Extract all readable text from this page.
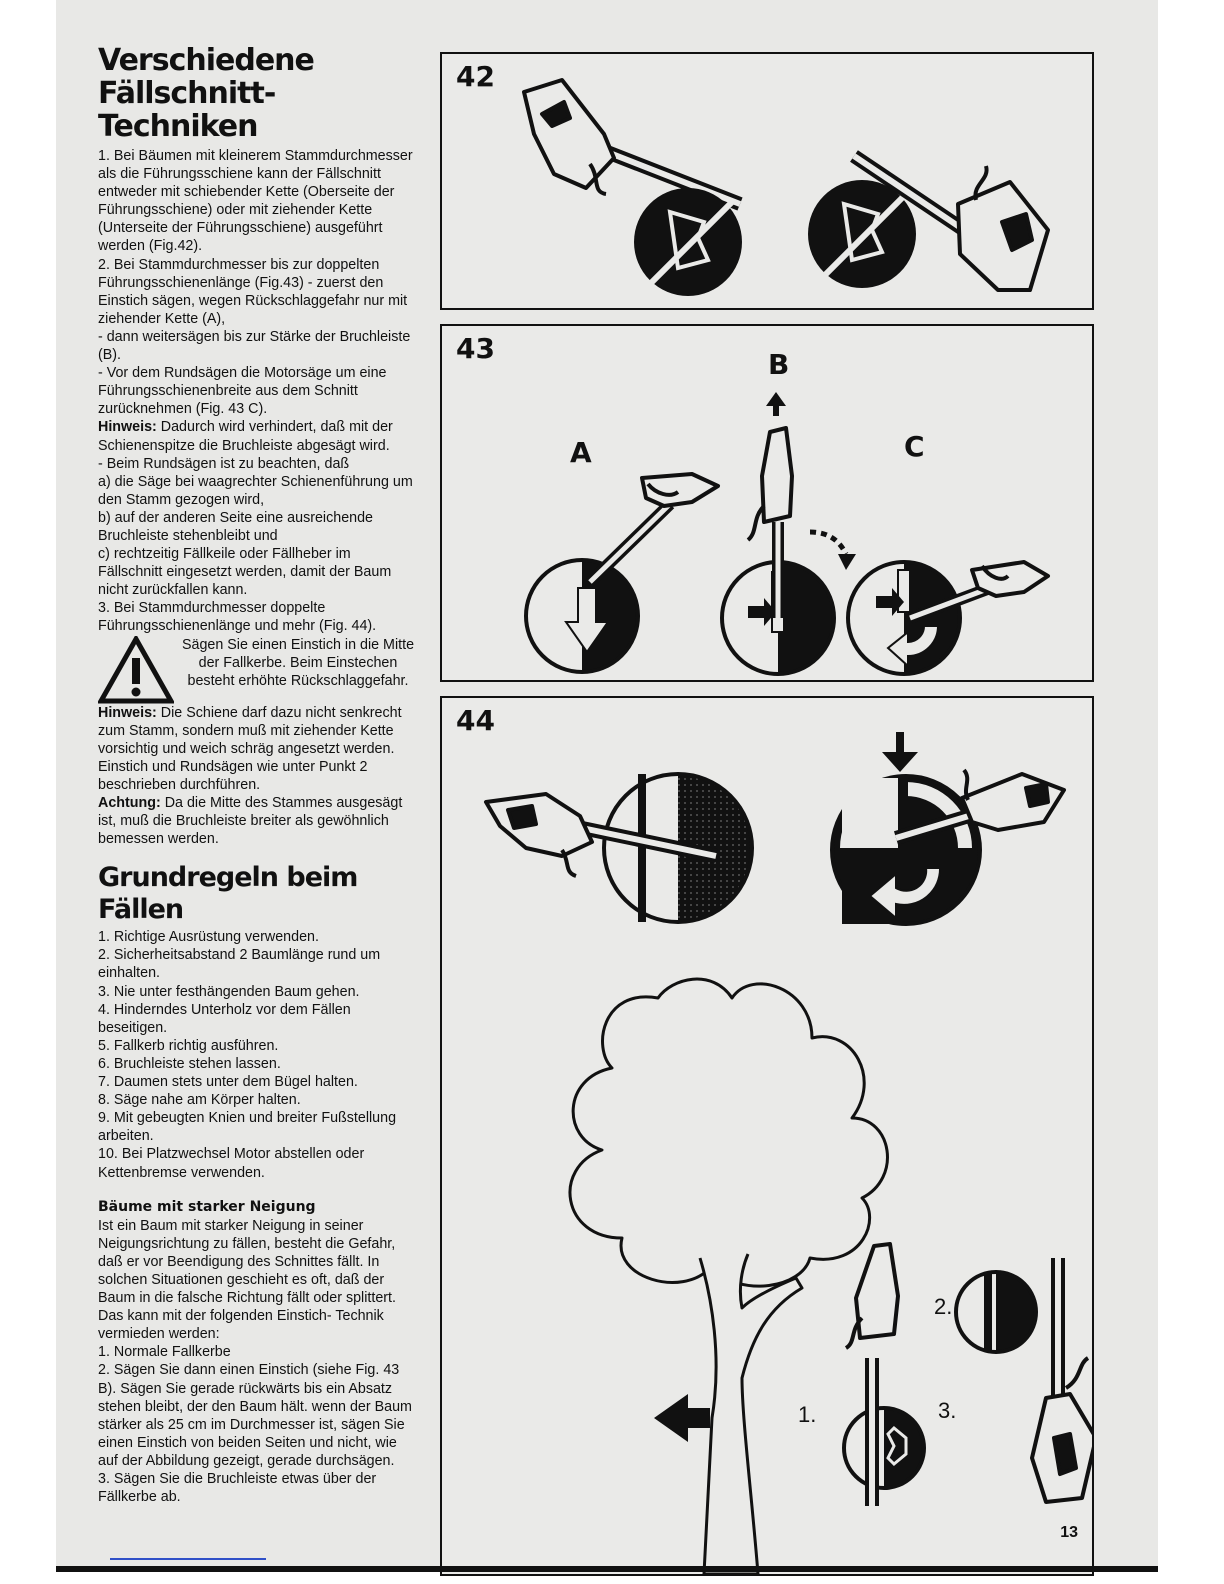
Verschiedene Fällschnitt-Techniken

1. Bei Bäumen mit kleinerem Stammdurchmesser als die Führungsschiene kann der Fällschnitt entweder mit schiebender Kette (Oberseite der Führungsschiene) oder mit ziehender Kette (Unterseite der Führungsschiene) ausgeführt werden (Fig.42).

2. Bei Stammdurchmesser bis zur doppelten Führungsschienenlänge (Fig.43) - zuerst den Einstich sägen, wegen Rückschlaggefahr nur mit ziehender Kette (A),

- dann weitersägen bis zur Stärke der Bruchleiste (B).

- Vor dem Rundsägen die Motorsäge um eine Führungsschienenbreite aus dem Schnitt zurücknehmen (Fig. 43 C).

Hinweis: Dadurch wird verhindert, daß mit der Schienenspitze die Bruchleiste abgesägt wird.

- Beim Rundsägen ist zu beachten, daß

a) die Säge bei waagrechter Schienenführung um den Stamm gezogen wird,

b) auf der anderen Seite eine ausreichende Bruchleiste stehenbleibt und

c) rechtzeitig Fällkeile oder Fällheber im Fällschnitt eingesetzt werden, damit der Baum nicht zurückfallen kann.

3. Bei Stammdurchmesser doppelte Führungsschienenlänge und mehr (Fig. 44).

Sägen Sie einen Einstich in die Mitte der Fallkerbe. Beim Einstechen besteht erhöhte Rückschlaggefahr.

Hinweis: Die Schiene darf dazu nicht senkrecht zum Stamm, sondern muß mit ziehender Kette vorsichtig und weich schräg angesetzt werden. Einstich und Rundsägen wie unter Punkt 2 beschrieben durchführen.

Achtung: Da die Mitte des Stammes ausgesägt ist, muß die Bruchleiste breiter als gewöhnlich bemessen werden.

Grundregeln beim Fällen

1. Richtige Ausrüstung verwenden.

2. Sicherheitsabstand 2 Baumlänge rund um einhalten.

3. Nie unter festhängenden Baum gehen.

4. Hinderndes Unterholz vor dem Fällen beseitigen.

5. Fallkerb richtig ausführen.

6. Bruchleiste stehen lassen.

7. Daumen stets unter dem Bügel halten.

8. Säge nahe am Körper halten.

9. Mit gebeugten Knien und breiter Fußstellung arbeiten.

10. Bei Platzwechsel Motor abstellen oder Kettenbremse verwenden.

Bäume mit starker Neigung

Ist ein Baum mit starker Neigung in seiner Neigungsrichtung zu fällen, besteht die Gefahr, daß er vor Beendigung des Schnittes fällt. In solchen Situationen geschieht es oft, daß der Baum in die falsche Richtung fällt oder splittert. Das kann mit der folgenden Einstich- Technik vermieden werden:

1. Normale Fallkerbe

2. Sägen Sie dann einen Einstich (siehe Fig. 43 B). Sägen Sie gerade rückwärts bis ein Absatz stehen bleibt, der den Baum hält. wenn der Baum stärker als 25 cm im Durchmesser ist, sägen Sie einen Einstich von beiden Seiten und nicht, wie auf der Abbildung gezeigt, gerade durchsägen.

3. Sägen Sie die Bruchleiste etwas über der Fällkerbe ab.

42
43
A
B
C
44
1.
2.
3.
13
